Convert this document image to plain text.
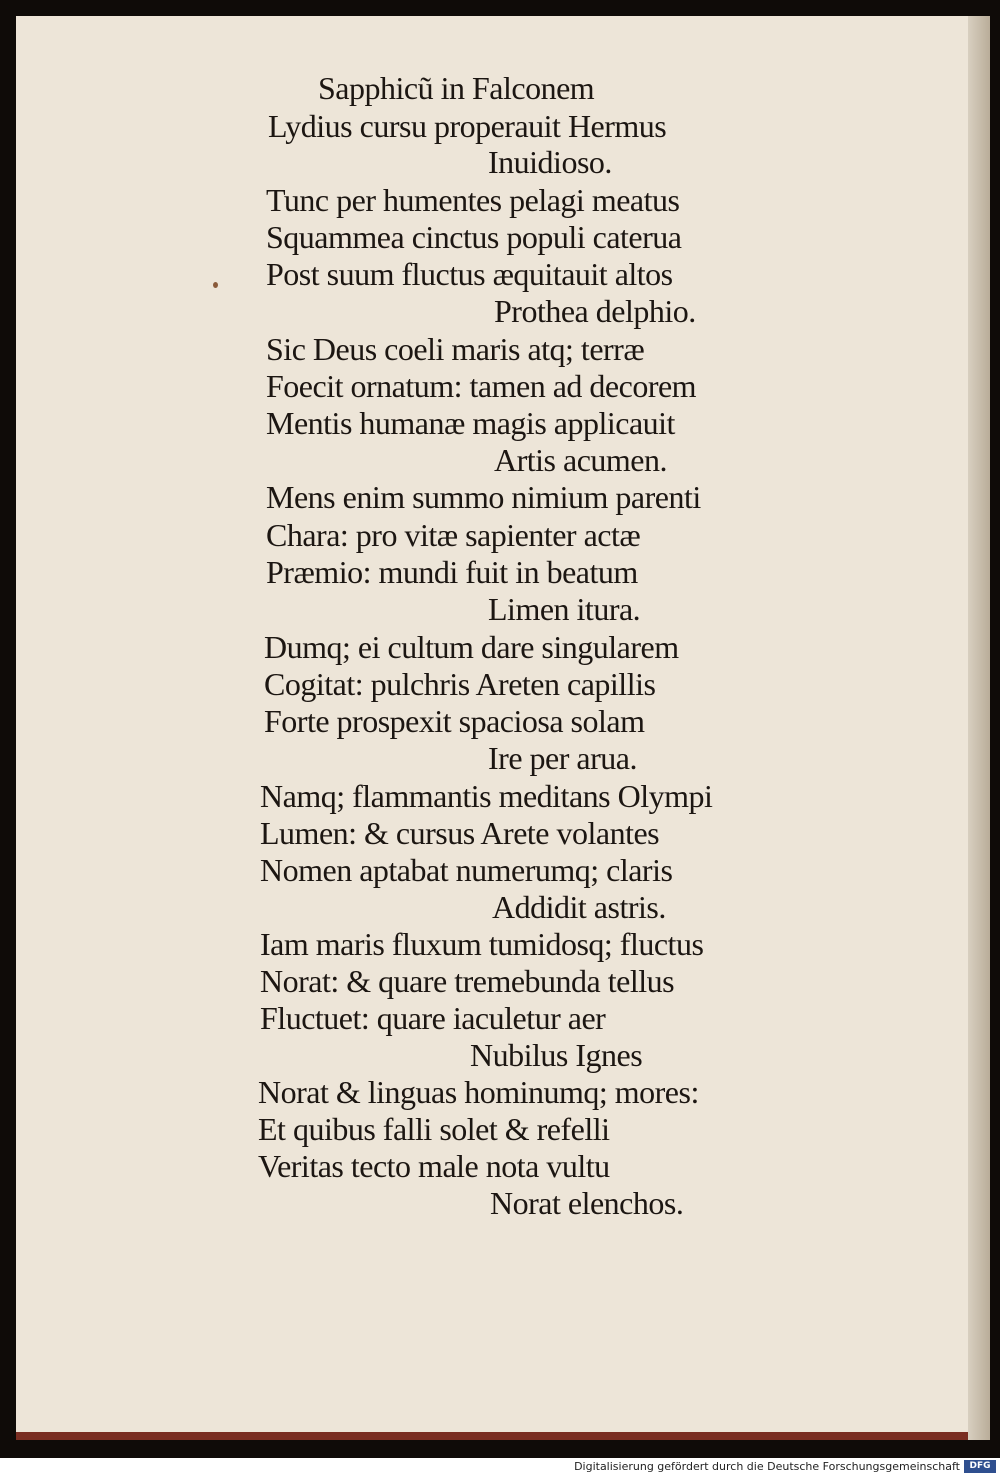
Sapphicũ in Falconem
Lydius cursu properauit Hermus
Inuidioso.
Tunc per humentes pelagi meatus
Squammea cinctus populi caterua
Post suum fluctus æquitauit altos
Prothea delphio.
Sic Deus coeli maris atq; terræ
Foecit ornatum: tamen ad decorem
Mentis humanæ magis applicauit
Artis acumen.
Mens enim summo nimium parenti
Chara: pro vitæ sapienter actæ
Præmio: mundi fuit in beatum
Limen itura.
Dumq; ei cultum dare singularem
Cogitat: pulchris Areten capillis
Forte prospexit spaciosa solam
Ire per arua.
Namq; flammantis meditans Olympi
Lumen: & cursus Arete volantes
Nomen aptabat numerumq; claris
Addidit astris.
Iam maris fluxum tumidosq; fluctus
Norat: & quare tremebunda tellus
Fluctuet: quare iaculetur aer
Nubilus Ignes
Norat & linguas hominumq; mores:
Et quibus falli solet & refelli
Veritas tecto male nota vultu
Norat elenchos.
Digitalisierung gefördert durch die Deutsche Forschungsgemeinschaft	DFG
